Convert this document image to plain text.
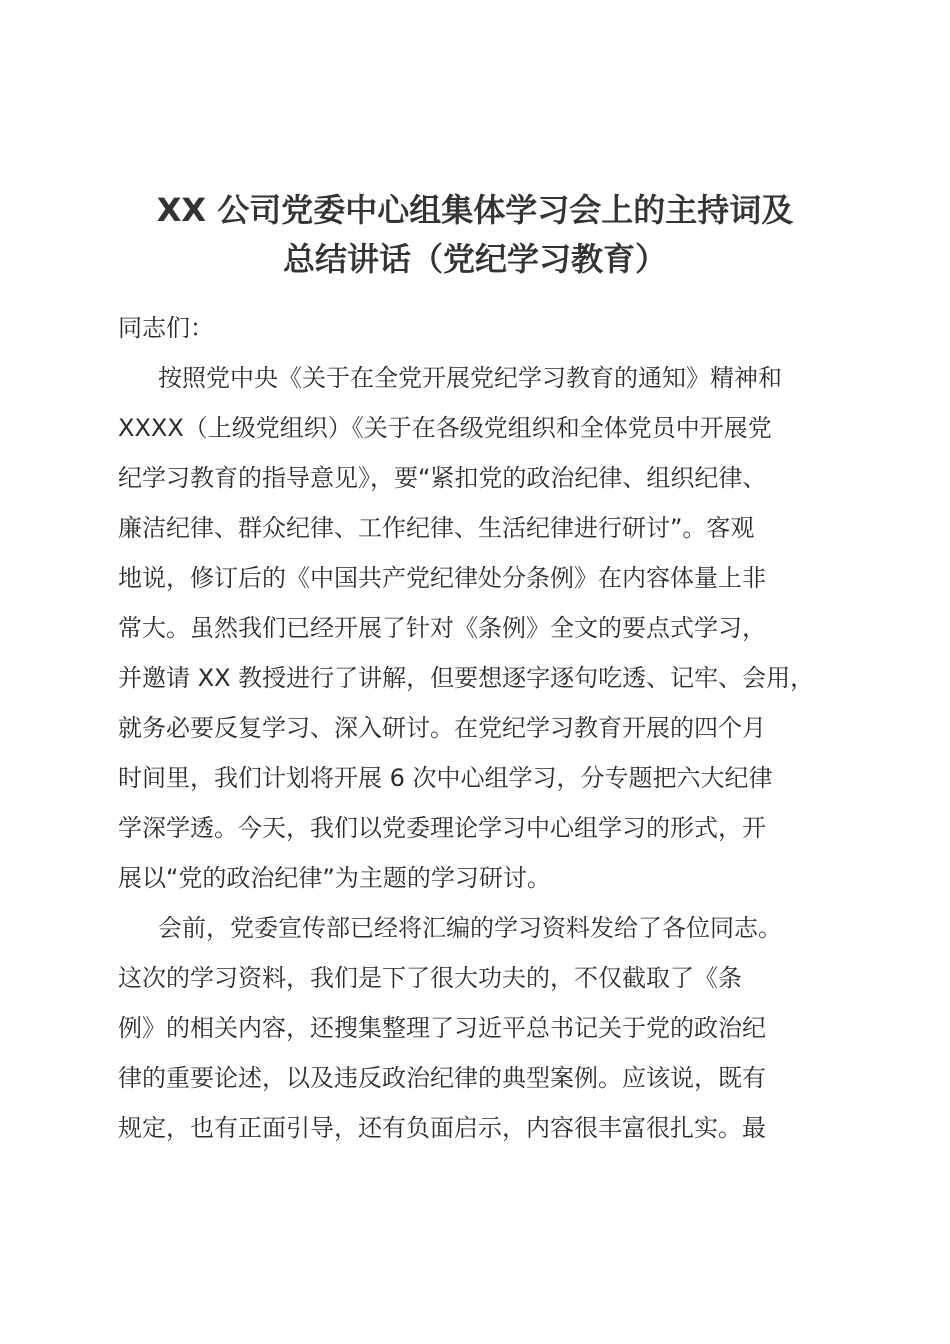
XX 公司党委中心组集体学习会上的主持词及
总结讲话（党纪学习教育）
同志们：
按照党中央《关于在全党开展党纪学习教育的通知》精神和
XXXX（上级党组织）《关于在各级党组织和全体党员中开展党
纪学习教育的指导意见》，要“紧扣党的政治纪律、组织纪律、
廉洁纪律、群众纪律、工作纪律、生活纪律进行研讨”。客观
地说，修订后的《中国共产党纪律处分条例》在内容体量上非
常大。虽然我们已经开展了针对《条例》全文的要点式学习，
并邀请 XX 教授进行了讲解，但要想逐字逐句吃透、记牢、会用，
就务必要反复学习、深入研讨。在党纪学习教育开展的四个月
时间里，我们计划将开展 6 次中心组学习，分专题把六大纪律
学深学透。今天，我们以党委理论学习中心组学习的形式，开
展以“党的政治纪律”为主题的学习研讨。
会前，党委宣传部已经将汇编的学习资料发给了各位同志。
这次的学习资料，我们是下了很大功夫的，不仅截取了《条
例》的相关内容，还搜集整理了习近平总书记关于党的政治纪
律的重要论述，以及违反政治纪律的典型案例。应该说，既有
规定，也有正面引导，还有负面启示，内容很丰富很扎实。最
